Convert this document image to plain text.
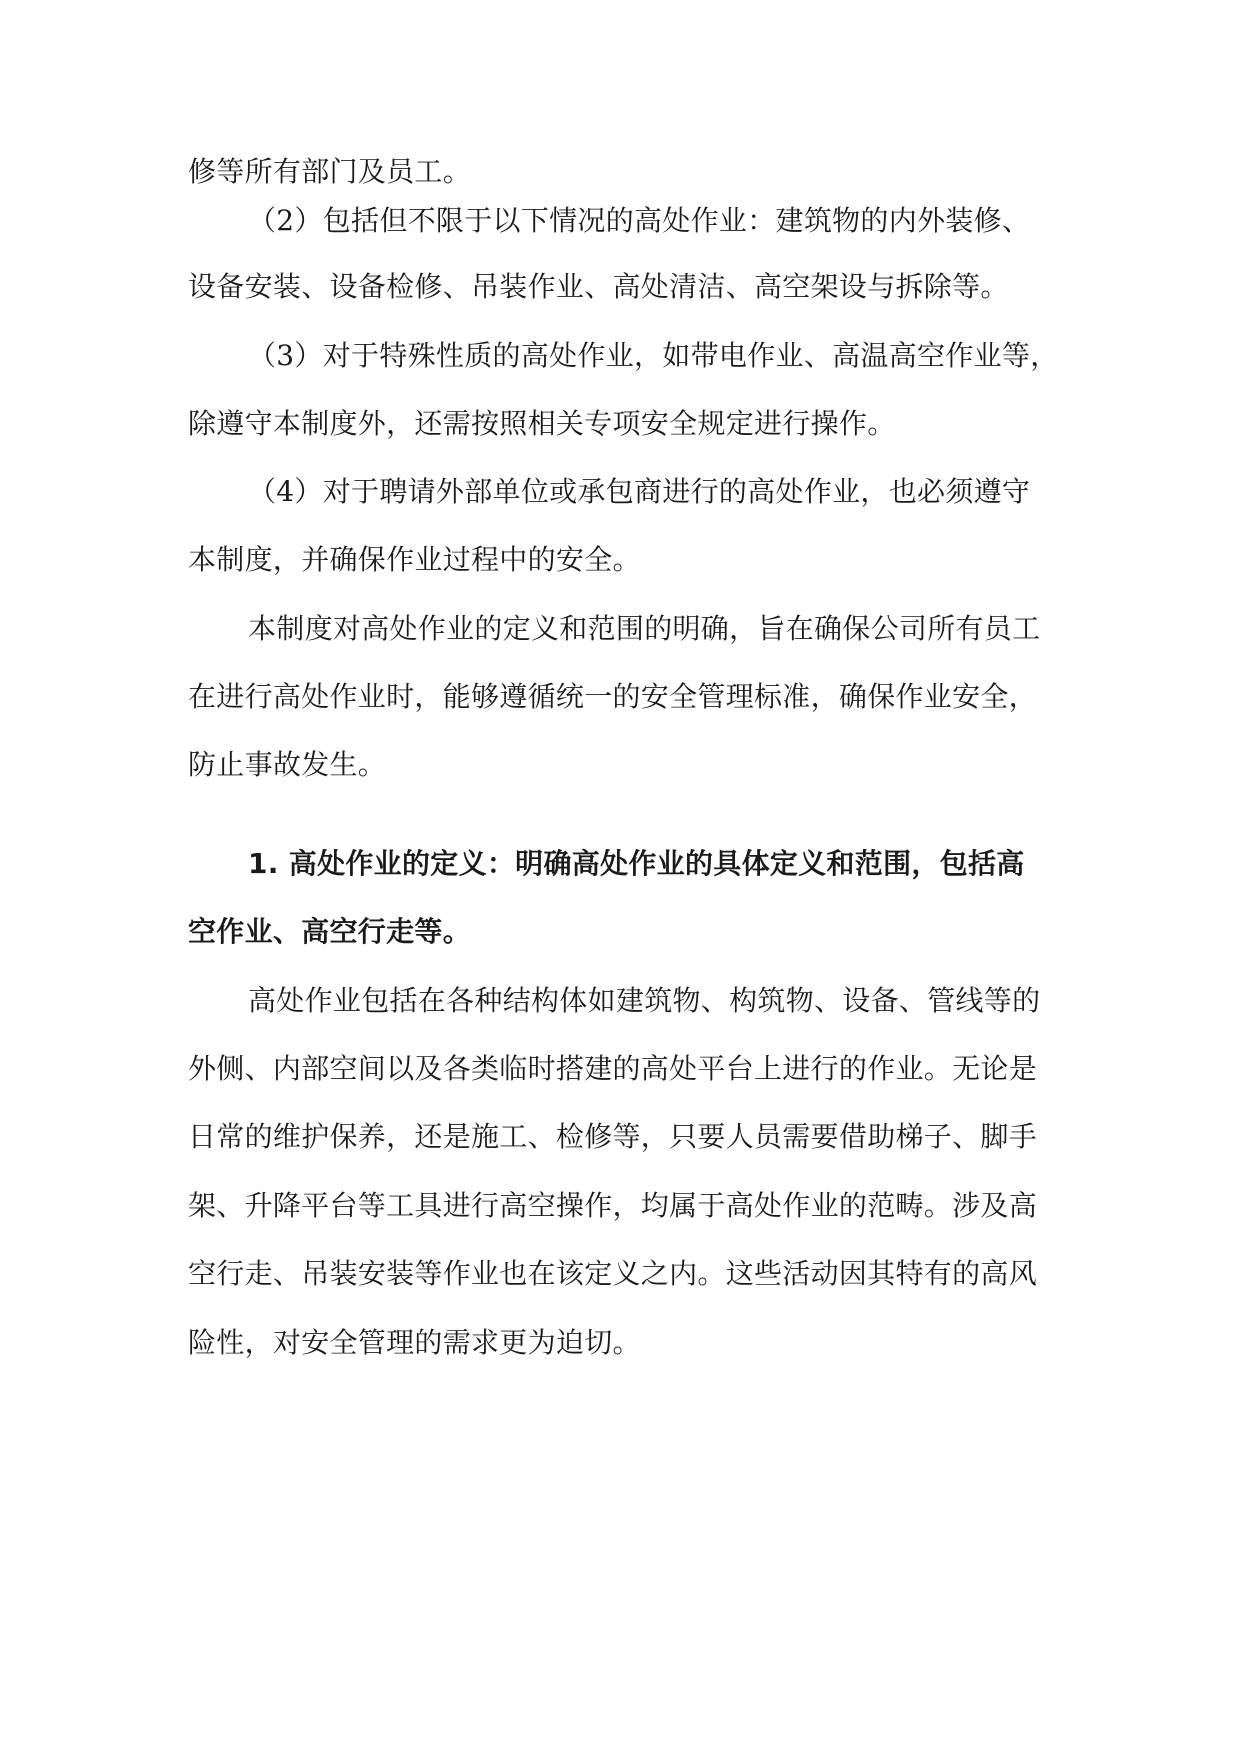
修等所有部门及员工。
（2）包括但不限于以下情况的高处作业：建筑物的内外装修、
设备安装、设备检修、吊装作业、高处清洁、高空架设与拆除等。
（3）对于特殊性质的高处作业，如带电作业、高温高空作业等，
除遵守本制度外，还需按照相关专项安全规定进行操作。
（4）对于聘请外部单位或承包商进行的高处作业，也必须遵守
本制度，并确保作业过程中的安全。
本制度对高处作业的定义和范围的明确，旨在确保公司所有员工
在进行高处作业时，能够遵循统一的安全管理标准，确保作业安全，
防止事故发生。
1. 高处作业的定义：明确高处作业的具体定义和范围，包括高
空作业、高空行走等。
高处作业包括在各种结构体如建筑物、构筑物、设备、管线等的
外侧、内部空间以及各类临时搭建的高处平台上进行的作业。无论是
日常的维护保养，还是施工、检修等，只要人员需要借助梯子、脚手
架、升降平台等工具进行高空操作，均属于高处作业的范畴。涉及高
空行走、吊装安装等作业也在该定义之内。这些活动因其特有的高风
险性，对安全管理的需求更为迫切。
